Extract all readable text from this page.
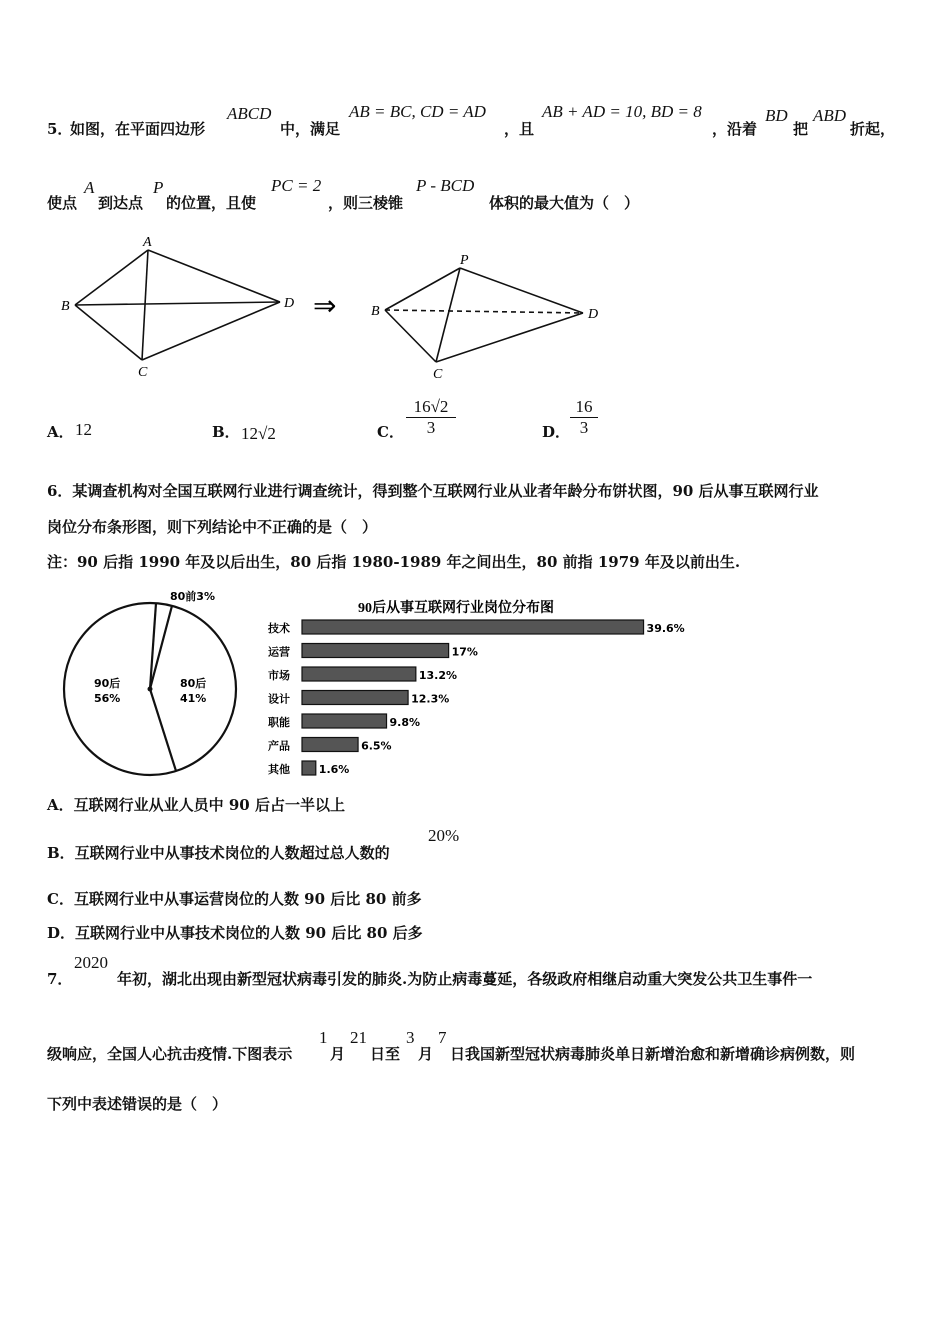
5．
如图，在平面四边形
ABCD
中，满足
AB = BC, CD = AD
，且
AB + AD = 10, BD = 8
，沿着
BD
把
ABD
折起，
使点
A
到达点
P
的位置，且使
PC = 2
，则三棱锥
P - BCD
体积的最大值为（　）
A
B
C
D ⇒
P
B
C
D
A． 12	B． 12√2	C．
16√2
3	D．
16
3
6．某调查机构对全国互联网行业进行调查统计，得到整个互联网行业从业者年龄分布饼状图，90 后从事互联网行业
岗位分布条形图，则下列结论中不正确的是（　）
注：90 后指 1990 年及以后出生，80 后指 1980-1989 年之间出生，80 前指 1979 年及以前出生.
80前3%
80后
41%
90后
56%
90后从事互联网行业岗位分布图
技术	39.6%
运营	17%
市场	13.2%
设计	12.3%
职能	9.8%
产品	6.5%
其他	1.6%
A．互联网行业从业人员中 90 后占一半以上
B．互联网行业中从事技术岗位的人数超过总人数的
20%
C．互联网行业中从事运营岗位的人数 90 后比 80 前多
D．互联网行业中从事技术岗位的人数 90 后比 80 后多
7．
2020
年初，湖北出现由新型冠状病毒引发的肺炎.为防止病毒蔓延，各级政府相继启动重大突发公共卫生事件一
级响应，全国人心抗击疫情.下图表示
1
月
21
日至
3
月
7
日我国新型冠状病毒肺炎单日新增治愈和新增确诊病例数，则
下列中表述错误的是（　）
